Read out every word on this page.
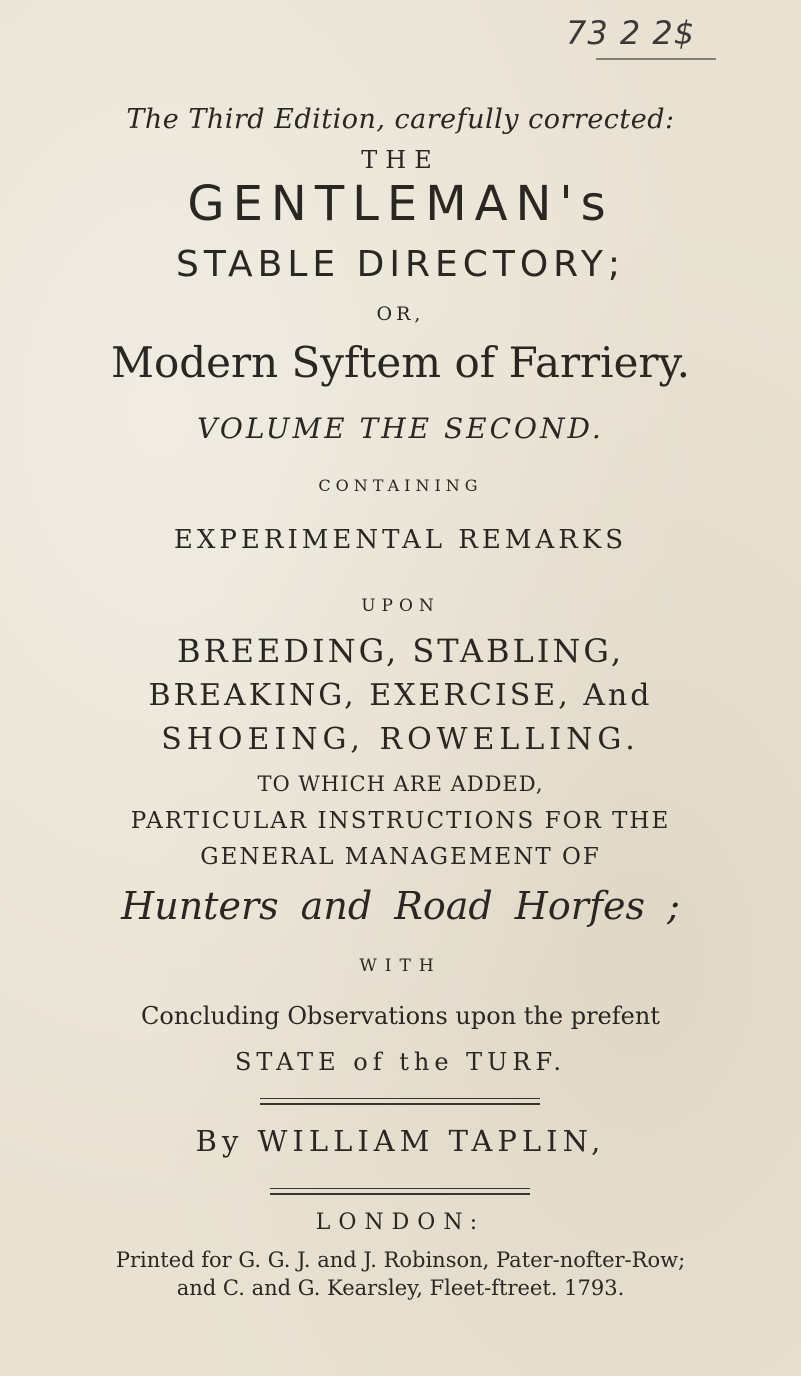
73 2 2$
The Third Edition, carefully corrected:
THE
GENTLEMAN's
STABLE DIRECTORY;
OR,
Modern Syftem of Farriery.
VOLUME THE SECOND.
CONTAINING
EXPERIMENTAL REMARKS
UPON
BREEDING, STABLING,
BREAKING, EXERCISE, And
SHOEING, ROWELLING.
TO WHICH ARE ADDED,
PARTICULAR INSTRUCTIONS FOR THE
GENERAL MANAGEMENT OF
Hunters and Road Horfes ;
WITH
Concluding Observations upon the prefent
STATE of the TURF.
By WILLIAM TAPLIN,
LONDON:
Printed for G. G. J. and J. Robinson, Pater-nofter-Row;
and C. and G. Kearsley, Fleet-ftreet. 1793.
